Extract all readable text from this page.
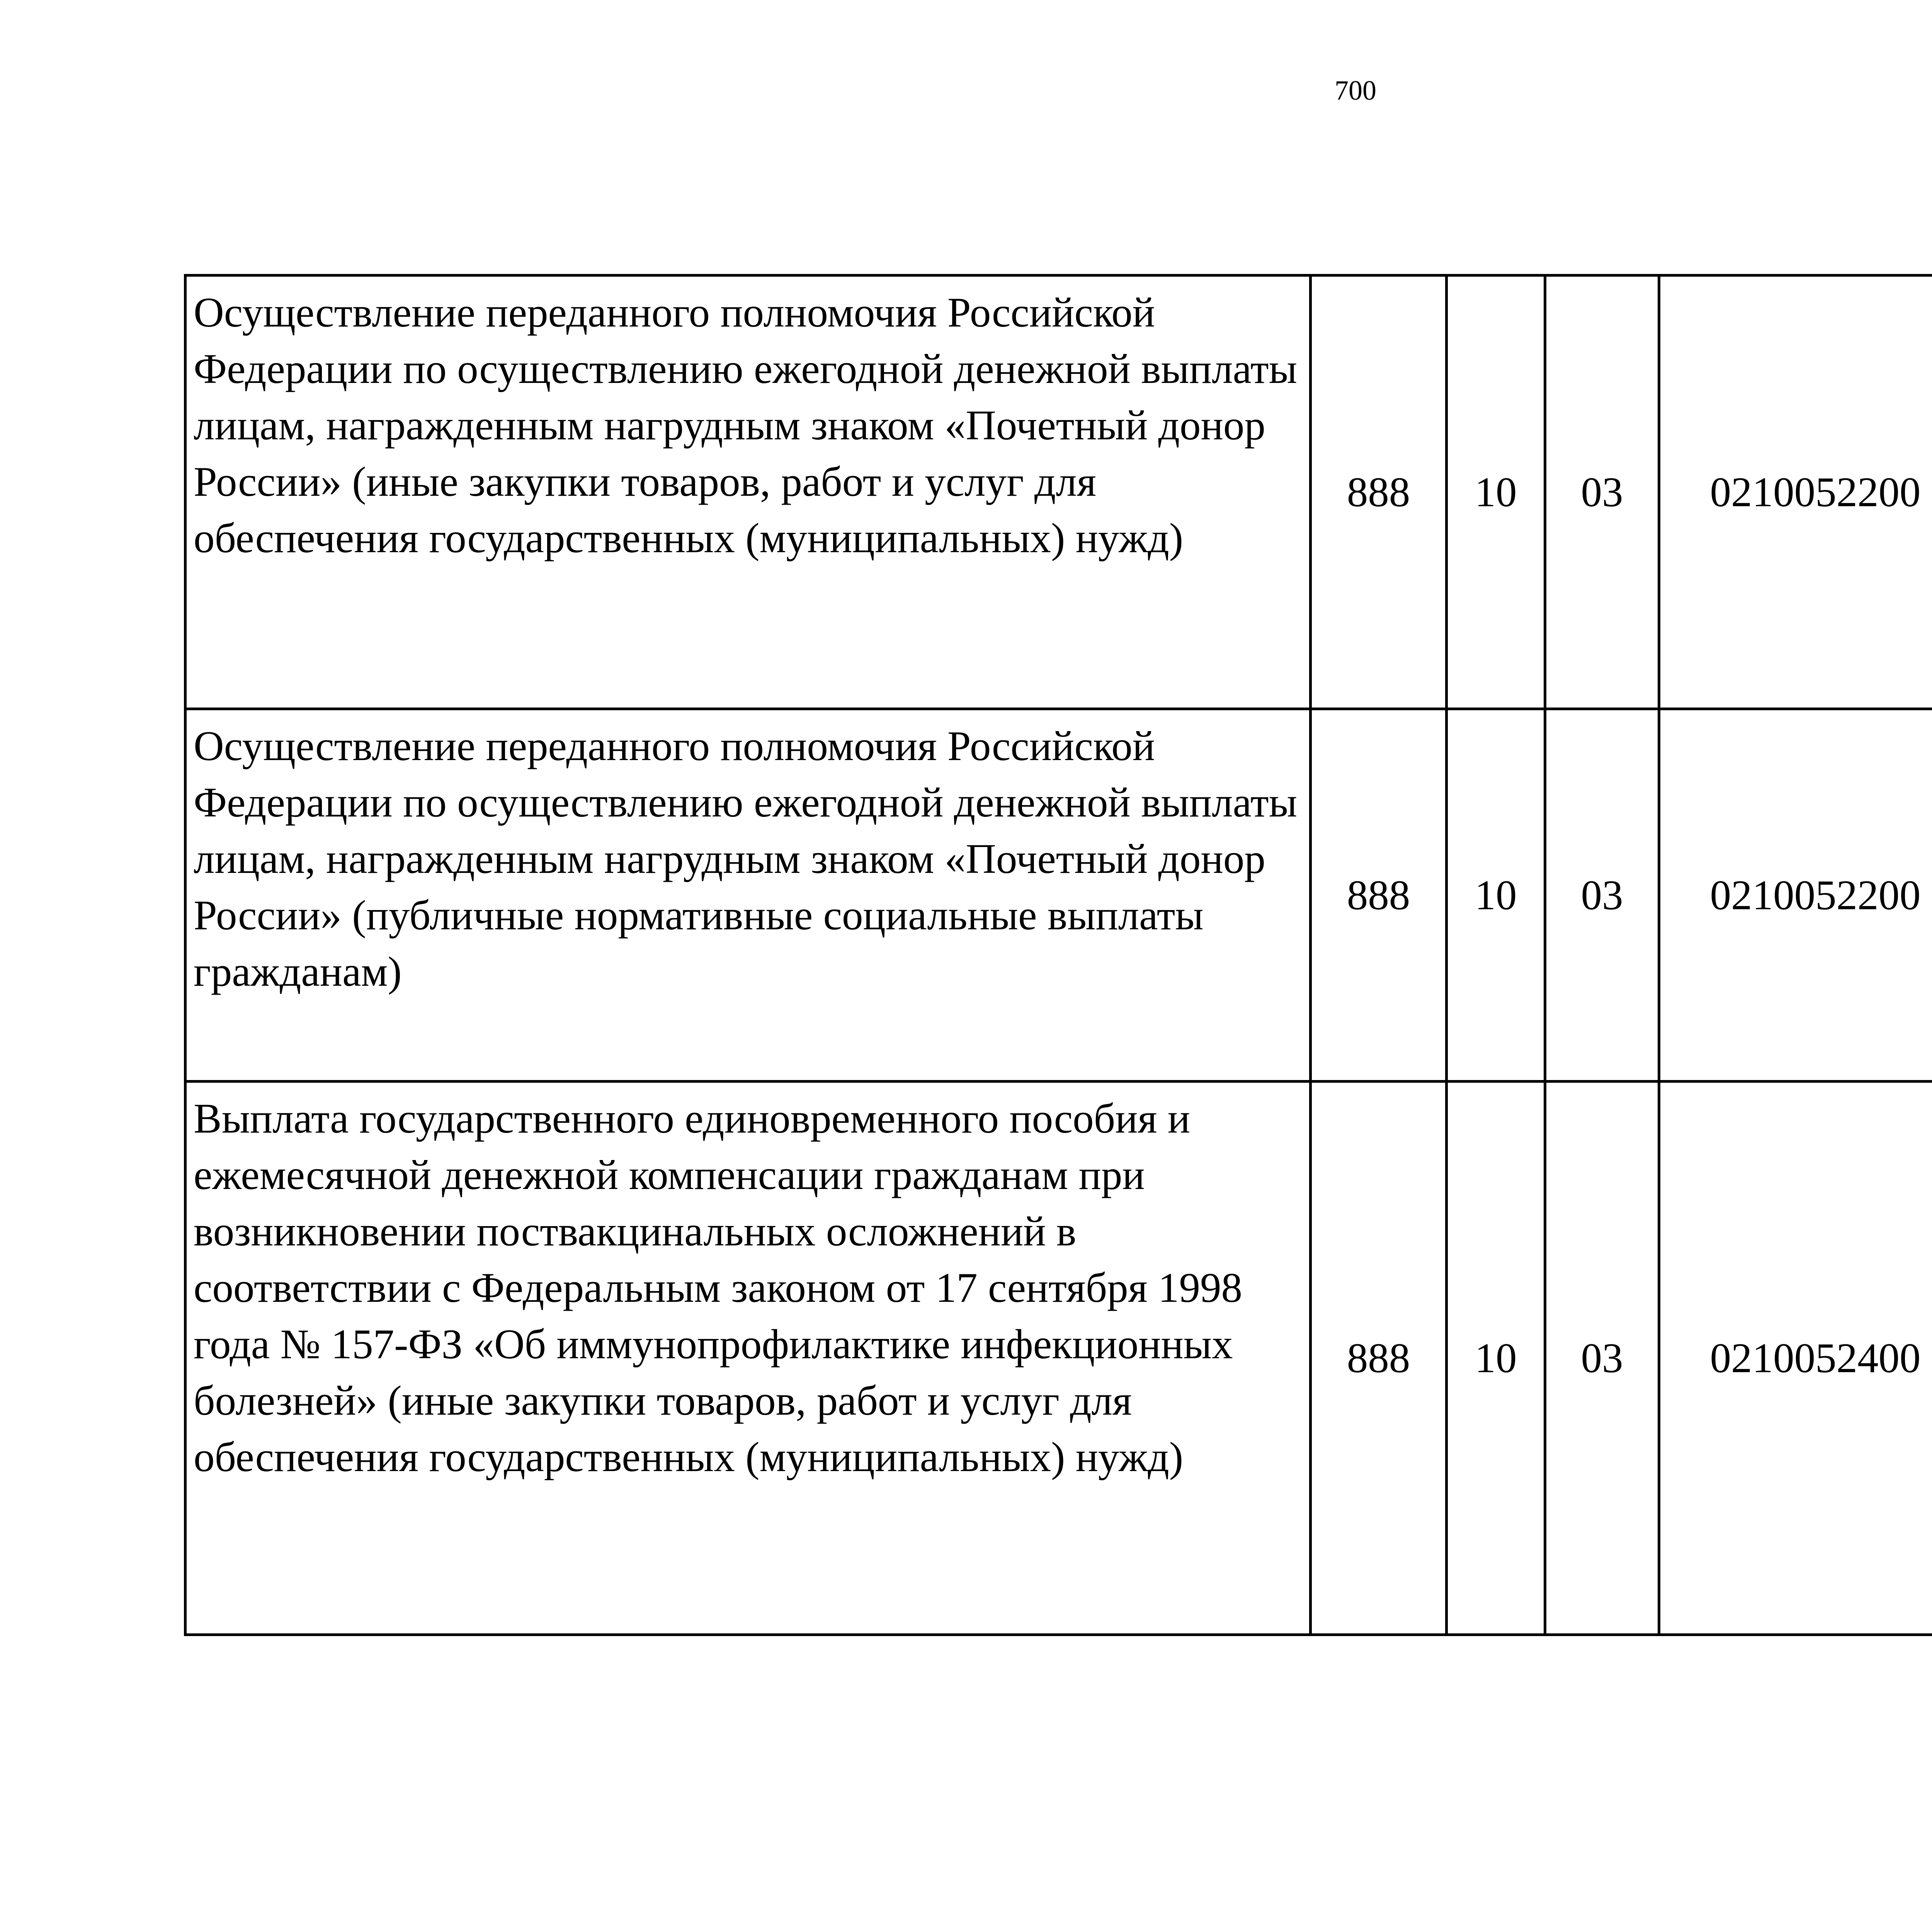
700
Осуществление переданного полномочия Российской Федерации по осуществлению ежегодной денежной выплаты лицам, награжденным нагрудным знаком «Почетный донор России» (иные закупки товаров, работ и услуг для обеспечения государственных (муниципальных) нужд)	888	10	03	0210052200		
Осуществление переданного полномочия Российской Федерации по осуществлению ежегодной денежной выплаты лицам, награжденным нагрудным знаком «Почетный донор России» (публичные нормативные социальные выплаты гражданам)	888	10	03	0210052200		
Выплата государственного единовременного пособия и ежемесячной денежной компенсации гражданам при возникновении поствакцинальных осложнений в соответствии с Федеральным законом от 17 сентября 1998 года № 157-ФЗ «Об иммунопрофилактике инфекционных болезней» (иные закупки товаров, работ и услуг для обеспечения государственных (муниципальных) нужд)	888	10	03	0210052400		
